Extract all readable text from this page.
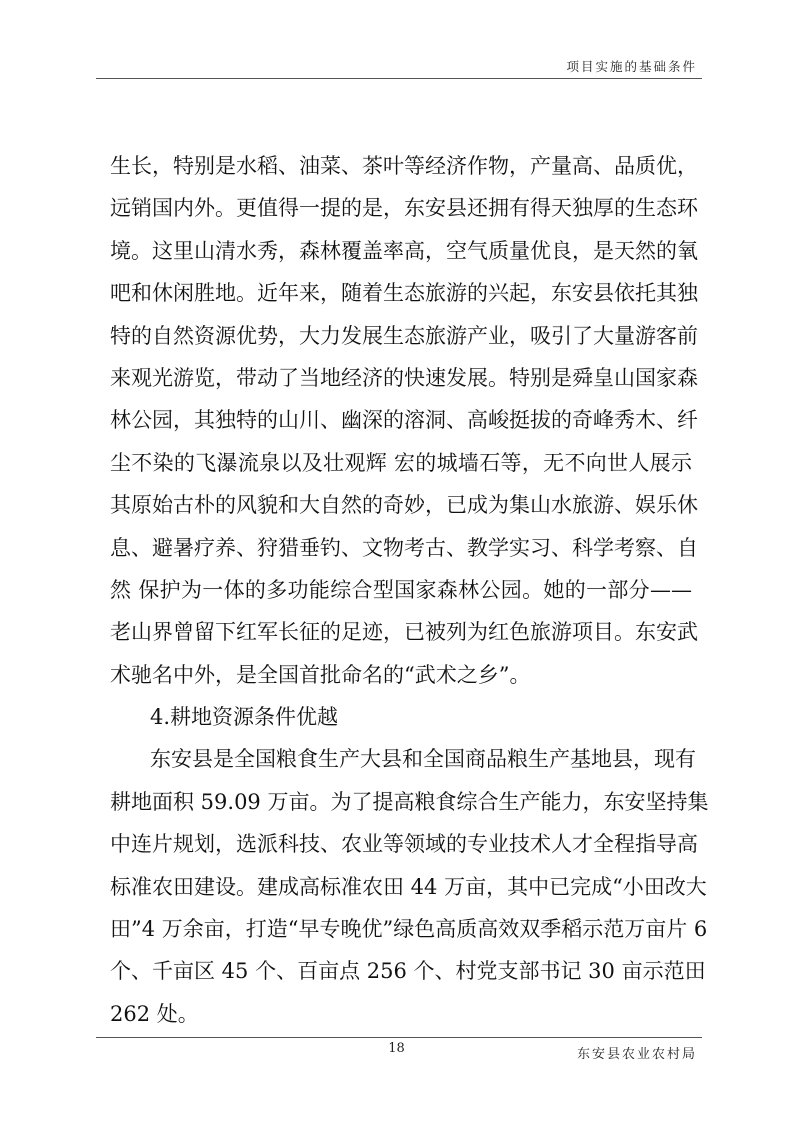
项目实施的基础条件
生长，特别是水稻、油菜、茶叶等经济作物，产量高、品质优，
远销国内外。更值得一提的是，东安县还拥有得天独厚的生态环
境。这里山清水秀，森林覆盖率高，空气质量优良，是天然的氧
吧和休闲胜地。近年来，随着生态旅游的兴起，东安县依托其独
特的自然资源优势，大力发展生态旅游产业，吸引了大量游客前
来观光游览，带动了当地经济的快速发展。特别是舜皇山国家森
林公园，其独特的山川、幽深的溶洞、高峻挺拔的奇峰秀木、纤
尘不染的飞瀑流泉以及壮观辉 宏的城墙石等，无不向世人展示
其原始古朴的风貌和大自然的奇妙，已成为集山水旅游、娱乐休
息、避暑疗养、狩猎垂钓、文物考古、教学实习、科学考察、自
然 保护为一体的多功能综合型国家森林公园。她的一部分——
老山界曾留下红军长征的足迹，已被列为红色旅游项目。东安武
术驰名中外，是全国首批命名的“武术之乡”。
4.耕地资源条件优越
东安县是全国粮食生产大县和全国商品粮生产基地县，现有
耕地面积 59.09 万亩。为了提高粮食综合生产能力，东安坚持集
中连片规划，选派科技、农业等领域的专业技术人才全程指导高
标准农田建设。建成高标准农田 44 万亩，其中已完成“小田改大
田”4 万余亩，打造“早专晚优”绿色高质高效双季稻示范万亩片 6
个、千亩区 45 个、百亩点 256 个、村党支部书记 30 亩示范田
262 处。
18	东安县农业农村局
